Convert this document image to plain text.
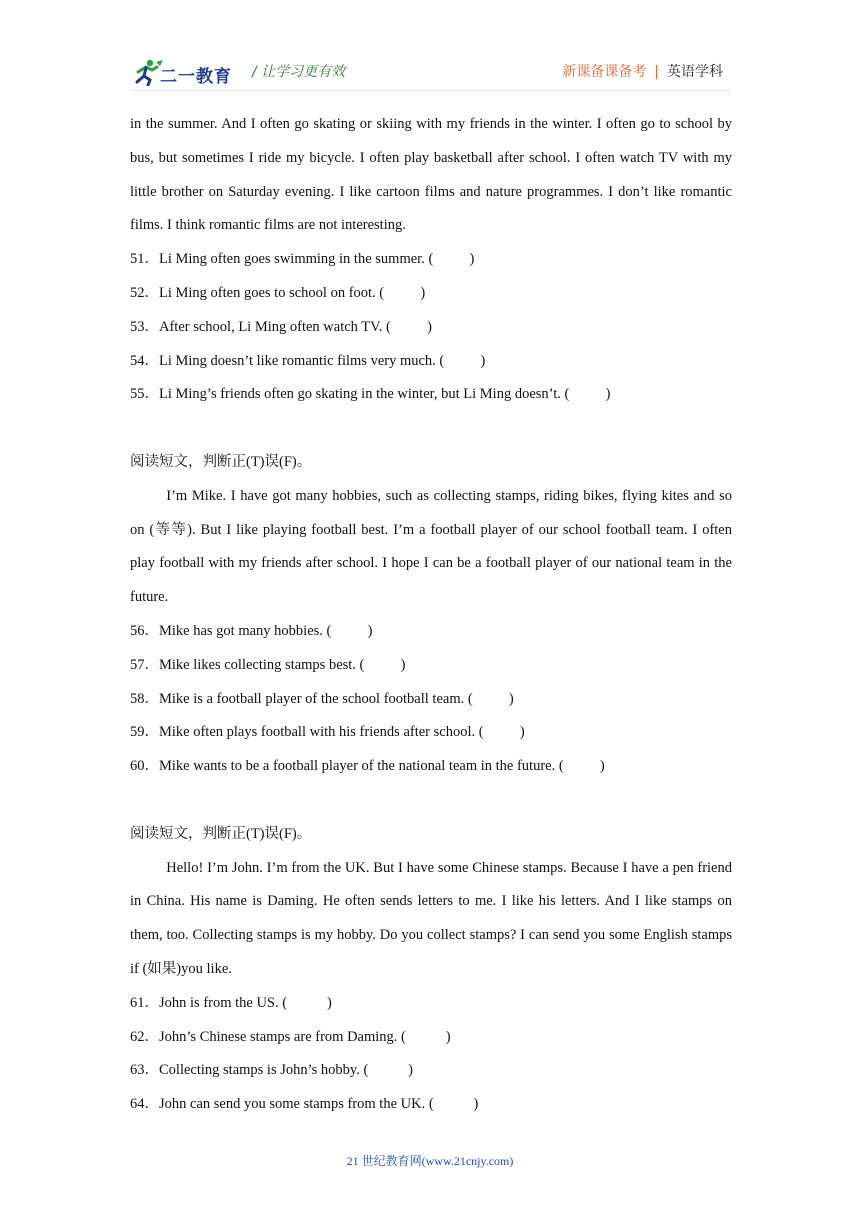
二一教育 / 让学习更有效	新课备课备考 | 英语学科

in the summer. And I often go skating or skiing with my friends in the winter. I often go to school by bus, but sometimes I ride my bicycle. I often play basketball after school. I often watch TV with my little brother on Saturday evening. I like cartoon films and nature programmes. I don’t like romantic films. I think romantic films are not interesting.

51．Li Ming often goes swimming in the summer. (          )

52．Li Ming often goes to school on foot. (          )

53．After school, Li Ming often watch TV. (          )

54．Li Ming doesn’t like romantic films very much. (          )

55．Li Ming’s friends often go skating in the winter, but Li Ming doesn’t. (          )

阅读短文，判断正(T)误(F)。

I’m Mike. I have got many hobbies, such as collecting stamps, riding bikes, flying kites and so on (等等). But I like playing football best. I’m a football player of our school football team. I often play football with my friends after school. I hope I can be a football player of our national team in the future.

56．Mike has got many hobbies. (          )

57．Mike likes collecting stamps best. (          )

58．Mike is a football player of the school football team. (          )

59．Mike often plays football with his friends after school. (          )

60．Mike wants to be a football player of the national team in the future. (          )

阅读短文，判断正(T)误(F)。

Hello! I’m John. I’m from the UK. But I have some Chinese stamps. Because I have a pen friend in China. His name is Daming. He often sends letters to me. I like his letters. And I like stamps on them, too. Collecting stamps is my hobby. Do you collect stamps? I can send you some English stamps if (如果)you like.

61．John is from the US. (           )

62．John’s Chinese stamps are from Daming. (           )

63．Collecting stamps is John’s hobby. (           )

64．John can send you some stamps from the UK. (           )

21 世纪教育网(www.21cnjy.com)
